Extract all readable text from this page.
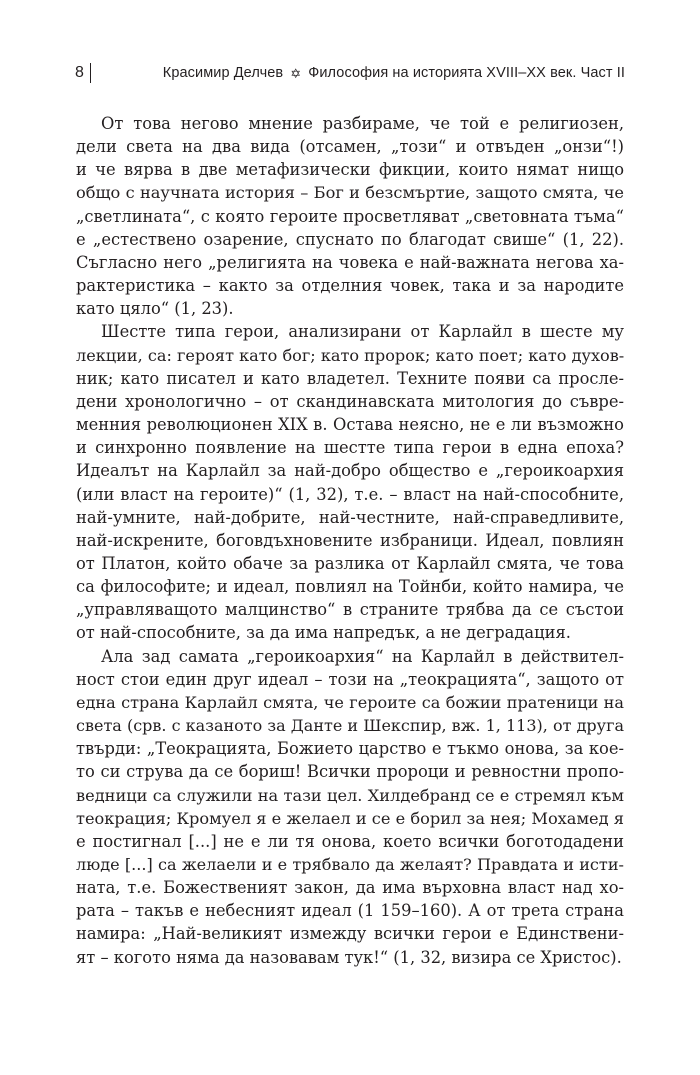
8	Красимир Делчев ✡ Философия на историята XVIII–XX век. Част II

От това негово мнение разбираме, че той е религиозен,
дели света на два вида (отсамен, „този“ и отвъден „онзи“!)
и че вярва в две метафизически фикции, които нямат нищо
общо с научната история – Бог и безсмъртие, защото смята, че
„светлината“, с която героите просветляват „световната тъма“
е „естествено озарение, спуснато по благодат свише“ (1, 22).
Съгласно него „религията на човека е най-важната негова ха-
рактеристика – както за отделния човек, така и за народите
като цяло“ (1, 23).

Шестте типа герои, анализирани от Карлайл в шесте му
лекции, са: героят като бог; като пророк; като поет; като духов-
ник; като писател и като владетел. Техните появи са просле-
дени хронологично – от скандинавската митология до съвре-
менния революционен XIX в. Остава неясно, не е ли възможно
и синхронно появление на шестте типа герои в една епоха?
Идеалът на Карлайл за най-добро общество е „героикоархия
(или власт на героите)“ (1, 32), т.е. – власт на най-способните,
най-умните, най-добрите, най-честните, най-справедливите,
най-искрените, боговдъхновените избраници. Идеал, повлиян
от Платон, който обаче за разлика от Карлайл смята, че това
са философите; и идеал, повлиял на Тойнби, който намира, че
„управляващото малцинство“ в страните трябва да се състои
от най-способните, за да има напредък, а не деградация.

Ала зад самата „героикоархия“ на Карлайл в действител-
ност стои един друг идеал – този на „теокрацията“, защото от
една страна Карлайл смята, че героите са божии пратеници на
света (срв. с казаното за Данте и Шекспир, вж. 1, 113), от друга
твърди: „Теокрацията, Божието царство е тъкмо онова, за кое-
то си струва да се бориш! Всички пророци и ревностни пропо-
ведници са служили на тази цел. Хилдебранд се е стремял към
теокрация; Кромуел я е желаел и се е борил за нея; Мохамед я
е постигнал [...] не е ли тя онова, което всички боготодадени
люде [...] са желаели и е трябвало да желаят? Правдата и исти-
ната, т.е. Божественият закон, да има върховна власт над хо-
рата – такъв е небесният идеал (1 159–160). А от трета страна
намира: „Най-великият измежду всички герои е Единствени-
ят – когото няма да назовавам тук!“ (1, 32, визира се Христос).
